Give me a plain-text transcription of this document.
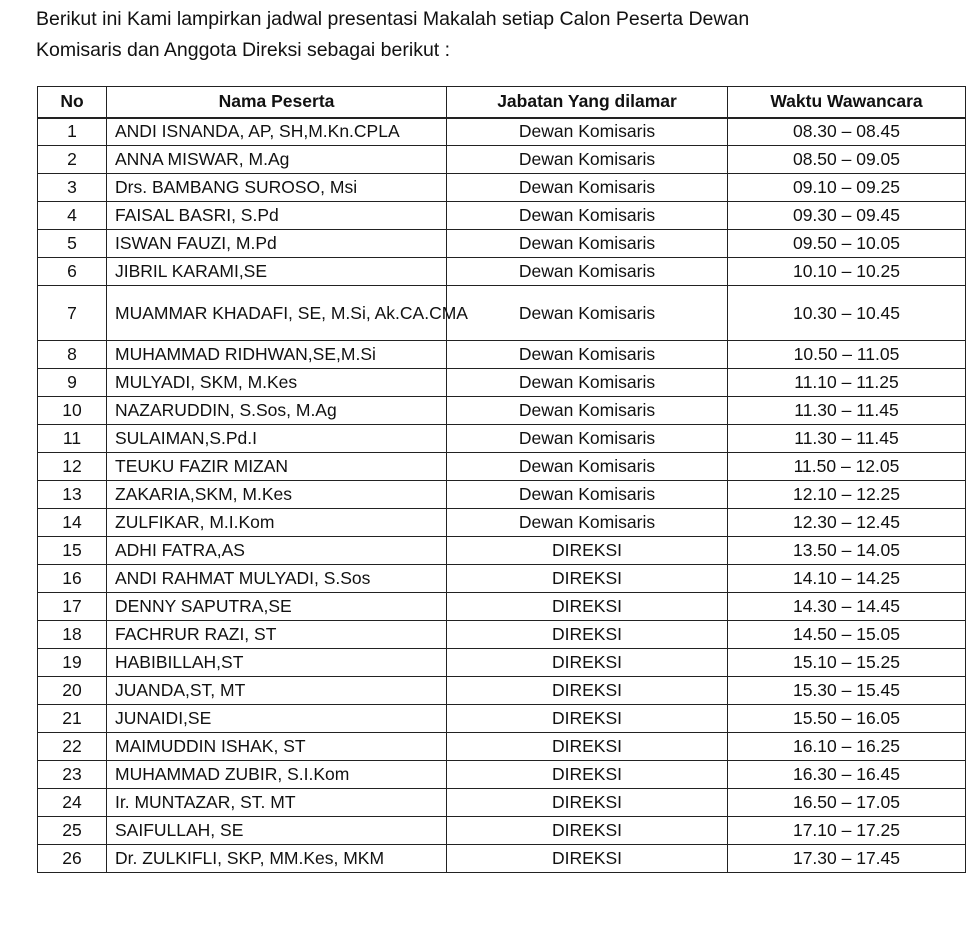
Berikut ini Kami lampirkan jadwal presentasi Makalah setiap Calon Peserta Dewan
Komisaris dan Anggota Direksi sebagai berikut :

No	Nama Peserta	Jabatan Yang dilamar	Waktu Wawancara
1	ANDI ISNANDA, AP, SH,M.Kn.CPLA	Dewan Komisaris	08.30 – 08.45
2	ANNA MISWAR, M.Ag	Dewan Komisaris	08.50 – 09.05
3	Drs. BAMBANG SUROSO, Msi	Dewan Komisaris	09.10 – 09.25
4	FAISAL BASRI, S.Pd	Dewan Komisaris	09.30 – 09.45
5	ISWAN FAUZI, M.Pd	Dewan Komisaris	09.50 – 10.05
6	JIBRIL KARAMI,SE	Dewan Komisaris	10.10 – 10.25
7	MUAMMAR KHADAFI, SE, M.Si, Ak.CA.CMA	Dewan Komisaris	10.30 – 10.45
8	MUHAMMAD RIDHWAN,SE,M.Si	Dewan Komisaris	10.50 – 11.05
9	MULYADI, SKM, M.Kes	Dewan Komisaris	11.10 – 11.25
10	NAZARUDDIN, S.Sos, M.Ag	Dewan Komisaris	11.30 – 11.45
11	SULAIMAN,S.Pd.I	Dewan Komisaris	11.30 – 11.45
12	TEUKU FAZIR MIZAN	Dewan Komisaris	11.50 – 12.05
13	ZAKARIA,SKM, M.Kes	Dewan Komisaris	12.10 – 12.25
14	ZULFIKAR, M.I.Kom	Dewan Komisaris	12.30 – 12.45
15	ADHI FATRA,AS	DIREKSI	13.50 – 14.05
16	ANDI RAHMAT MULYADI, S.Sos	DIREKSI	14.10 – 14.25
17	DENNY SAPUTRA,SE	DIREKSI	14.30 – 14.45
18	FACHRUR RAZI, ST	DIREKSI	14.50 – 15.05
19	HABIBILLAH,ST	DIREKSI	15.10 – 15.25
20	JUANDA,ST, MT	DIREKSI	15.30 – 15.45
21	JUNAIDI,SE	DIREKSI	15.50 – 16.05
22	MAIMUDDIN ISHAK, ST	DIREKSI	16.10 – 16.25
23	MUHAMMAD ZUBIR, S.I.Kom	DIREKSI	16.30 – 16.45
24	Ir. MUNTAZAR, ST. MT	DIREKSI	16.50 – 17.05
25	SAIFULLAH, SE	DIREKSI	17.10 – 17.25
26	Dr. ZULKIFLI, SKP, MM.Kes, MKM	DIREKSI	17.30 – 17.45
